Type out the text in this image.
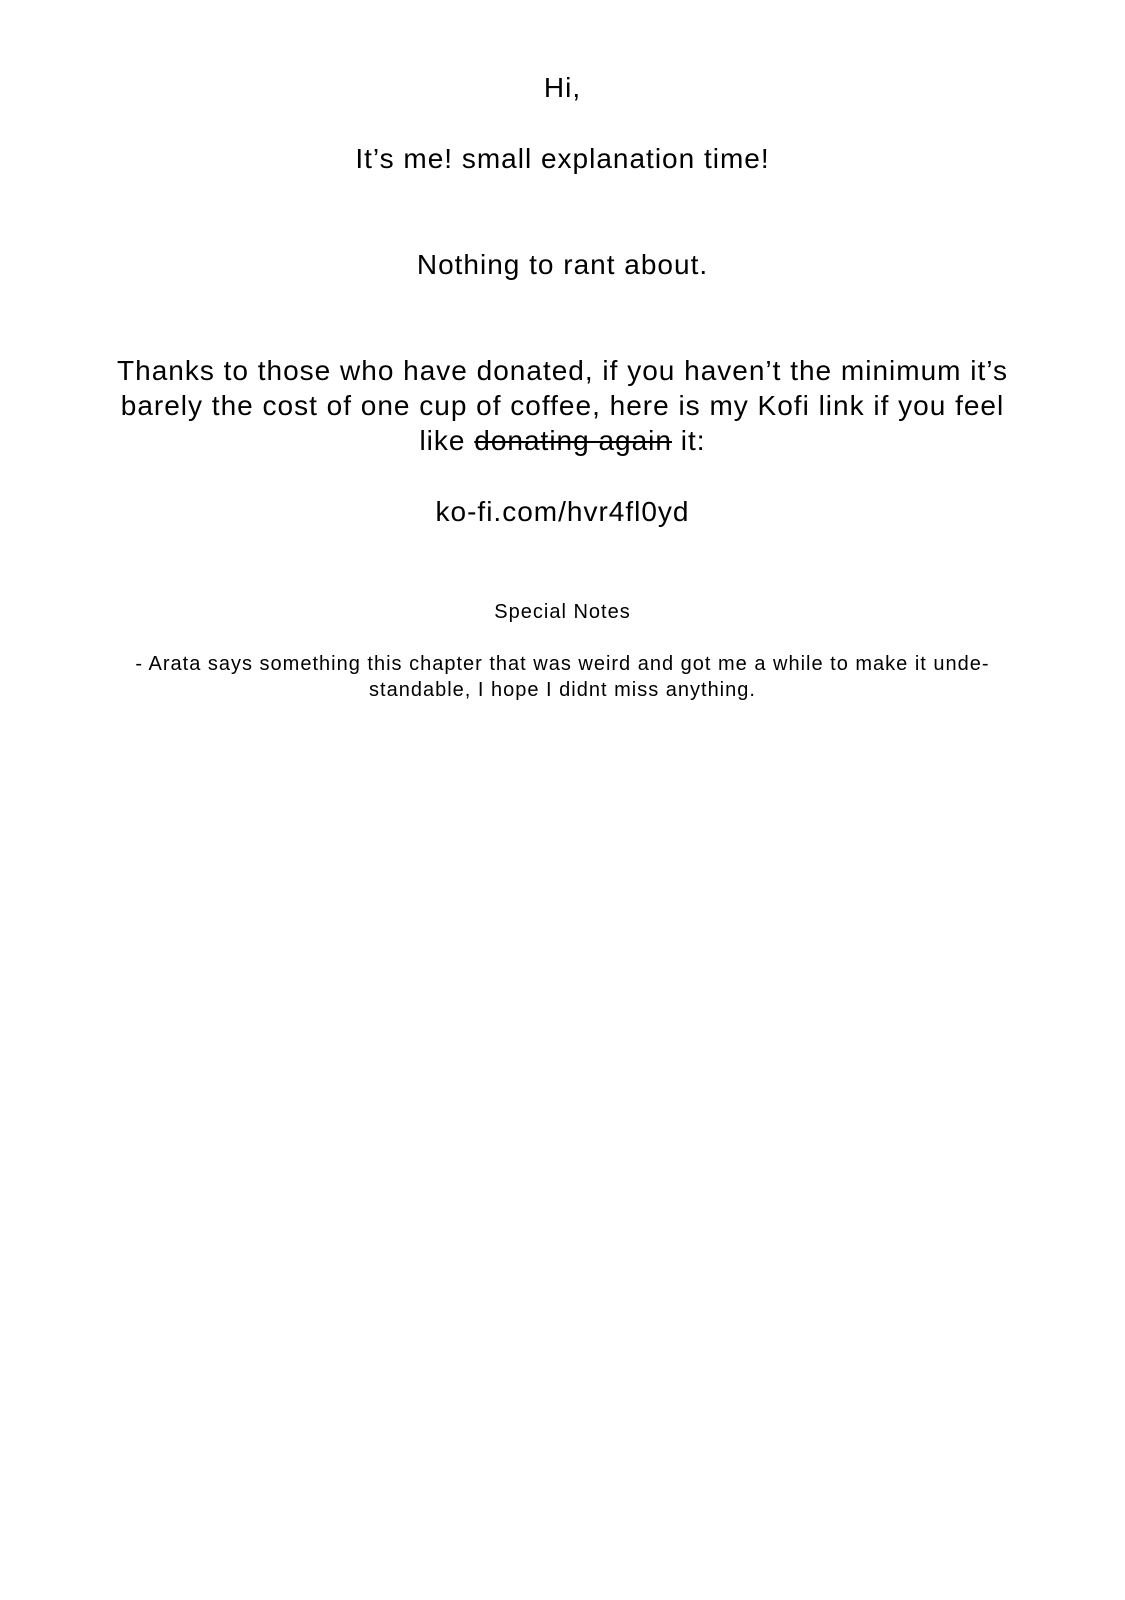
Hi,
It’s me! small explanation time!
Nothing to rant about.
Thanks to those who have donated, if you haven’t the minimum it’s
barely the cost of one cup of coffee, here is my Kofi link if you feel
like donating again it:
ko-fi.com/hvr4fl0yd
Special Notes
- Arata says something this chapter that was weird and got me a while to make it unde-
standable, I hope I didnt miss anything.
